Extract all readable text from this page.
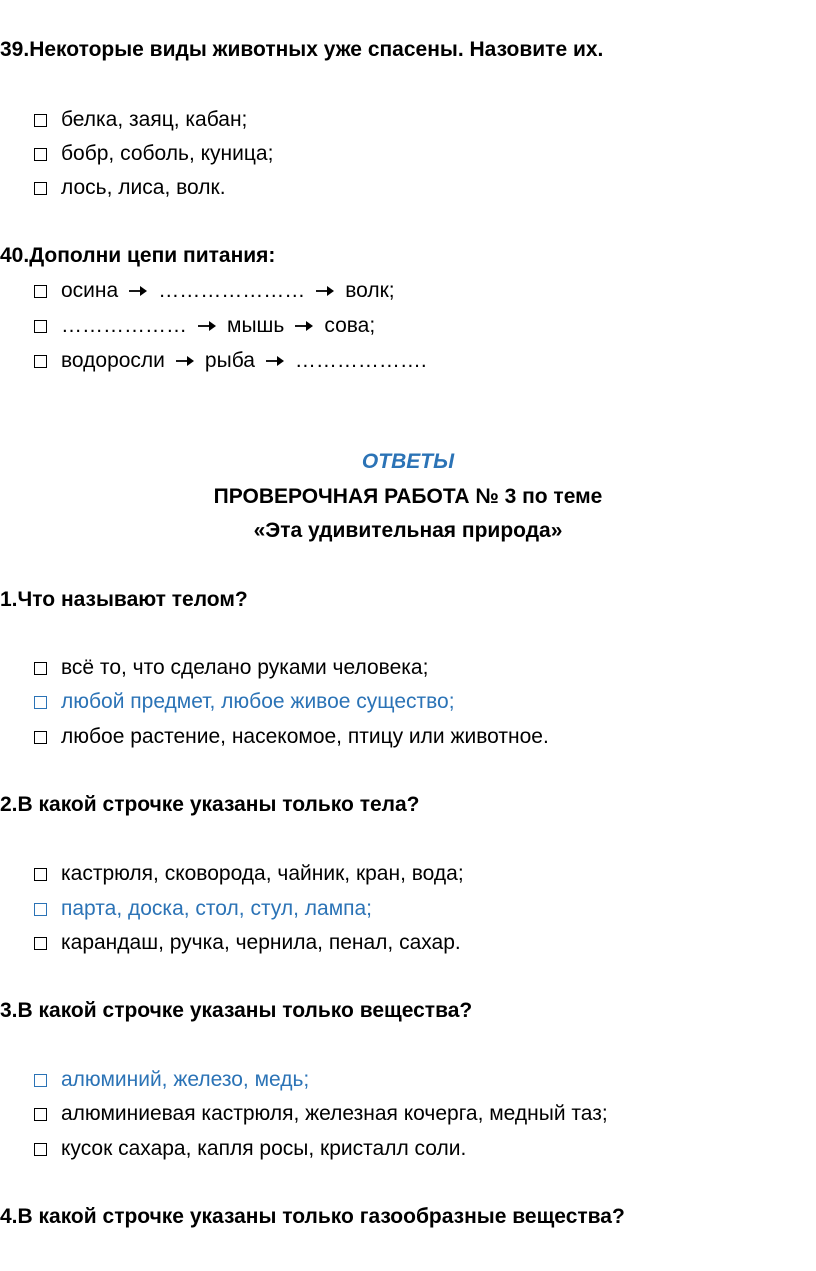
39.Некоторые виды животных уже спасены. Назовите их.
белка, заяц, кабан;
бобр, соболь, куница;
лось, лиса, волк.
40.Дополни цепи питания:
осина ………………… волк;
……………… мышь сова;
водоросли рыба ……………….
ОТВЕТЫ
ПРОВЕРОЧНАЯ РАБОТА № 3 по теме
«Эта удивительная природа»
1.Что называют телом?
всё то, что сделано руками человека;
любой предмет, любое живое существо;
любое растение, насекомое, птицу или животное.
2.В какой строчке указаны только тела?
кастрюля, сковорода, чайник, кран, вода;
парта, доска, стол, стул, лампа;
карандаш, ручка, чернила, пенал, сахар.
3.В какой строчке указаны только вещества?
алюминий, железо, медь;
алюминиевая кастрюля, железная кочерга, медный таз;
кусок сахара, капля росы, кристалл соли.
4.В какой строчке указаны только газообразные вещества?
